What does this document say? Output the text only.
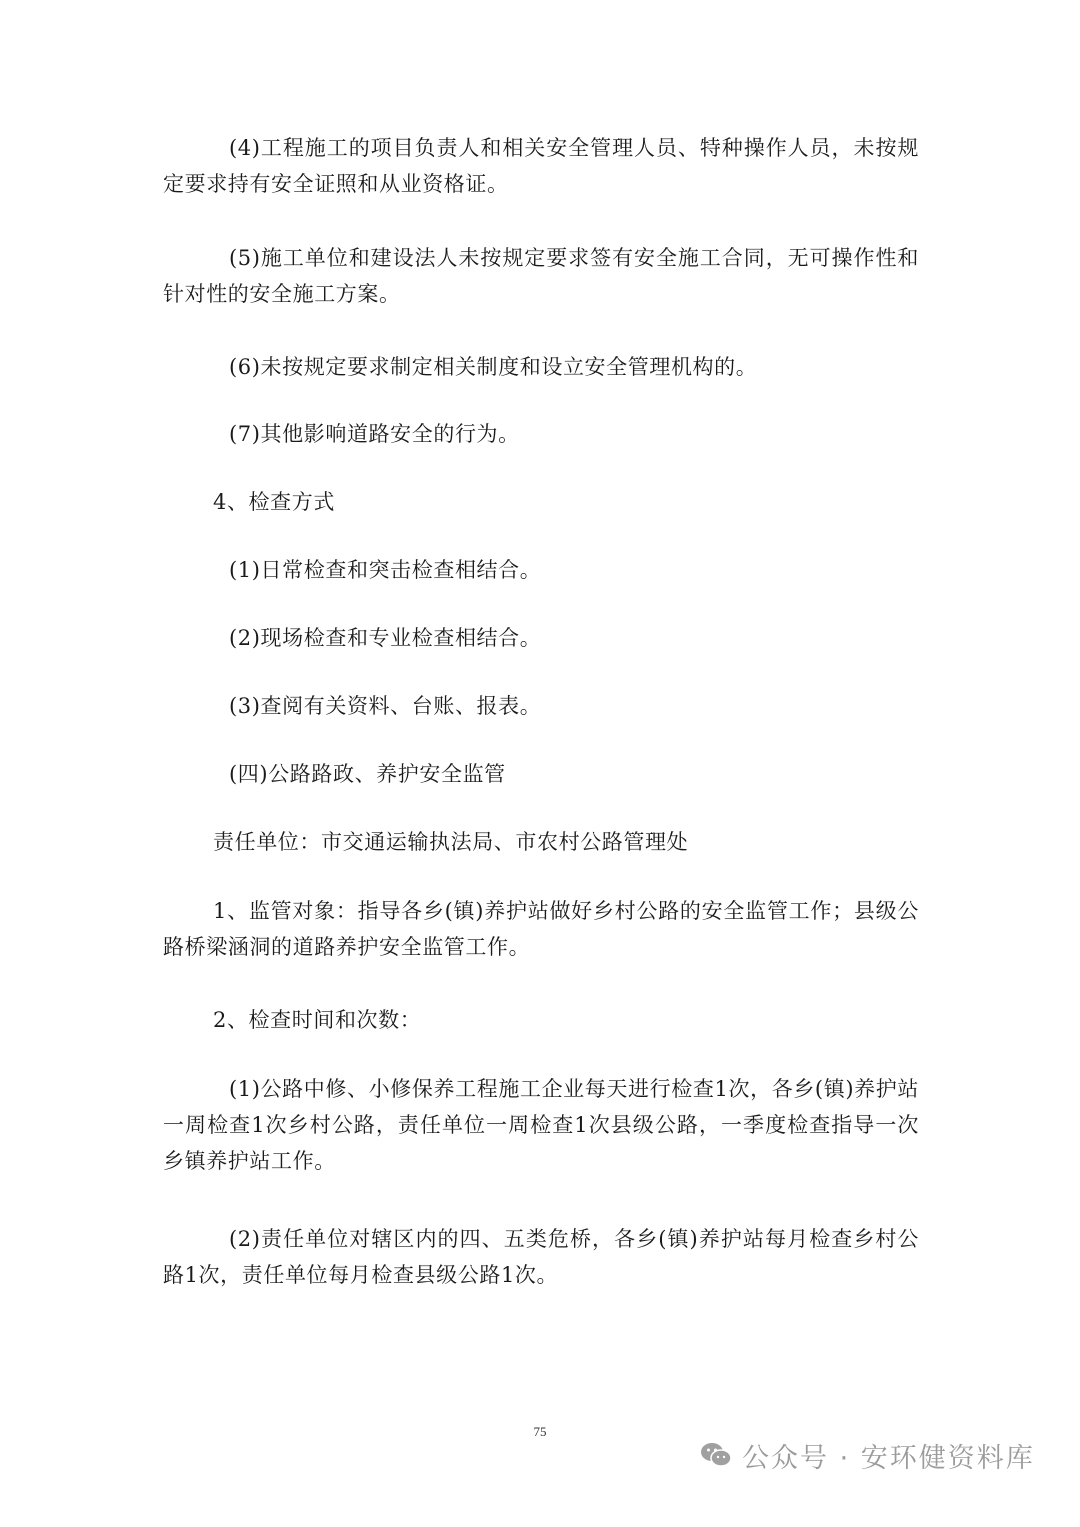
(4)工程施工的项目负责人和相关安全管理人员、特种操作人员，未按规定要求持有安全证照和从业资格证。

(5)施工单位和建设法人未按规定要求签有安全施工合同，无可操作性和针对性的安全施工方案。

(6)未按规定要求制定相关制度和设立安全管理机构的。

(7)其他影响道路安全的行为。

4、检查方式

(1)日常检查和突击检查相结合。

(2)现场检查和专业检查相结合。

(3)查阅有关资料、台账、报表。

(四)公路路政、养护安全监管

责任单位：市交通运输执法局、市农村公路管理处

1、监管对象：指导各乡(镇)养护站做好乡村公路的安全监管工作；县级公路桥梁涵洞的道路养护安全监管工作。

2、检查时间和次数：

(1)公路中修、小修保养工程施工企业每天进行检查1次，各乡(镇)养护站一周检查1次乡村公路，责任单位一周检查1次县级公路，一季度检查指导一次乡镇养护站工作。

(2)责任单位对辖区内的四、五类危桥，各乡(镇)养护站每月检查乡村公路1次，责任单位每月检查县级公路1次。

75
公众号 · 安环健资料库
